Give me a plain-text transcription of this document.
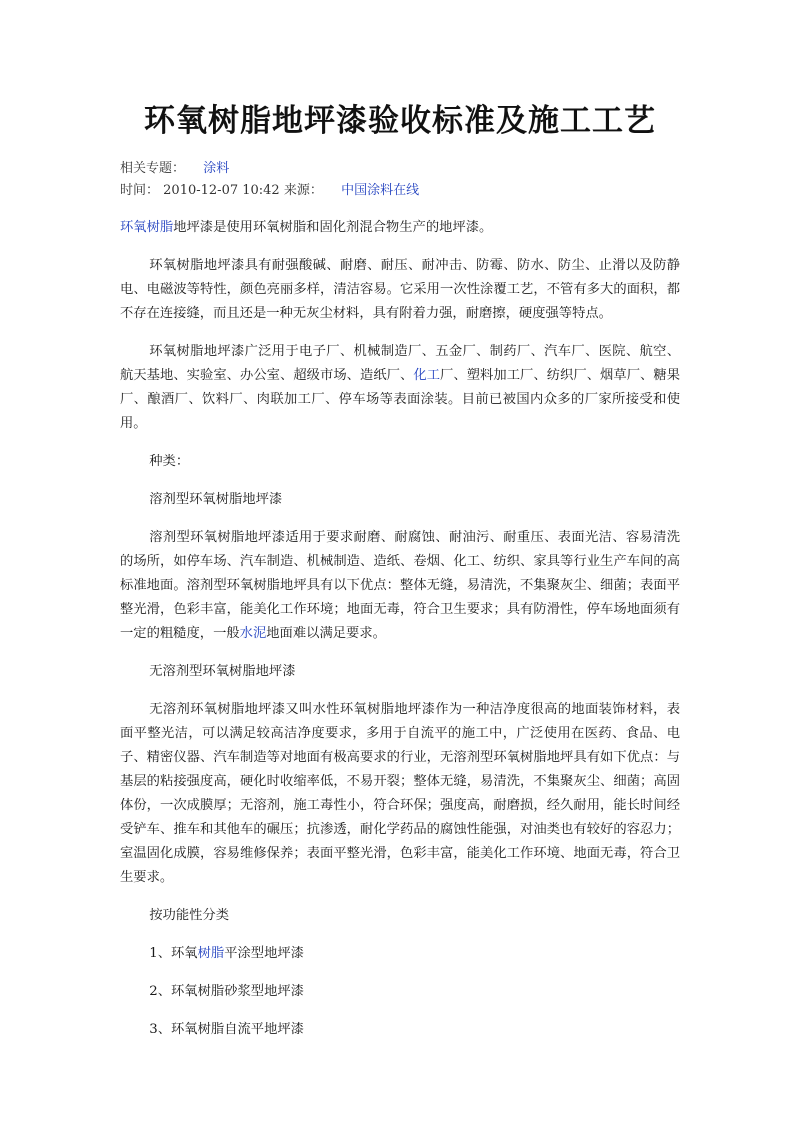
环氧树脂地坪漆验收标准及施工工艺
相关专题： 涂料
时间： 2010-12-07 10:42 来源： 中国涂料在线

环氧树脂地坪漆是使用环氧树脂和固化剂混合物生产的地坪漆。

环氧树脂地坪漆具有耐强酸碱、耐磨、耐压、耐冲击、防霉、防水、防尘、止滑以及防静电、电磁波等特性，颜色亮丽多样，清洁容易。它采用一次性涂覆工艺，不管有多大的面积，都不存在连接缝，而且还是一种无灰尘材料，具有附着力强，耐磨擦，硬度强等特点。

环氧树脂地坪漆广泛用于电子厂、机械制造厂、五金厂、制药厂、汽车厂、医院、航空、航天基地、实验室、办公室、超级市场、造纸厂、化工厂、塑料加工厂、纺织厂、烟草厂、糖果厂、酿酒厂、饮料厂、肉联加工厂、停车场等表面涂装。目前已被国内众多的厂家所接受和使用。

种类：

溶剂型环氧树脂地坪漆

溶剂型环氧树脂地坪漆适用于要求耐磨、耐腐蚀、耐油污、耐重压、表面光洁、容易清洗的场所，如停车场、汽车制造、机械制造、造纸、卷烟、化工、纺织、家具等行业生产车间的高标准地面。溶剂型环氧树脂地坪具有以下优点：整体无缝，易清洗，不集聚灰尘、细菌；表面平整光滑，色彩丰富，能美化工作环境；地面无毒，符合卫生要求；具有防滑性，停车场地面须有一定的粗糙度，一般水泥地面难以满足要求。

无溶剂型环氧树脂地坪漆

无溶剂环氧树脂地坪漆又叫水性环氧树脂地坪漆作为一种洁净度很高的地面装饰材料，表面平整光洁，可以满足较高洁净度要求，多用于自流平的施工中，广泛使用在医药、食品、电子、精密仪器、汽车制造等对地面有极高要求的行业，无溶剂型环氧树脂地坪具有如下优点：与基层的粘接强度高，硬化时收缩率低，不易开裂；整体无缝，易清洗，不集聚灰尘、细菌；高固体份，一次成膜厚；无溶剂，施工毒性小，符合环保；强度高，耐磨损，经久耐用，能长时间经受铲车、推车和其他车的碾压；抗渗透，耐化学药品的腐蚀性能强，对油类也有较好的容忍力；室温固化成膜，容易维修保养；表面平整光滑，色彩丰富，能美化工作环境、地面无毒，符合卫生要求。

按功能性分类

1、环氧树脂平涂型地坪漆

2、环氧树脂砂浆型地坪漆

3、环氧树脂自流平地坪漆
